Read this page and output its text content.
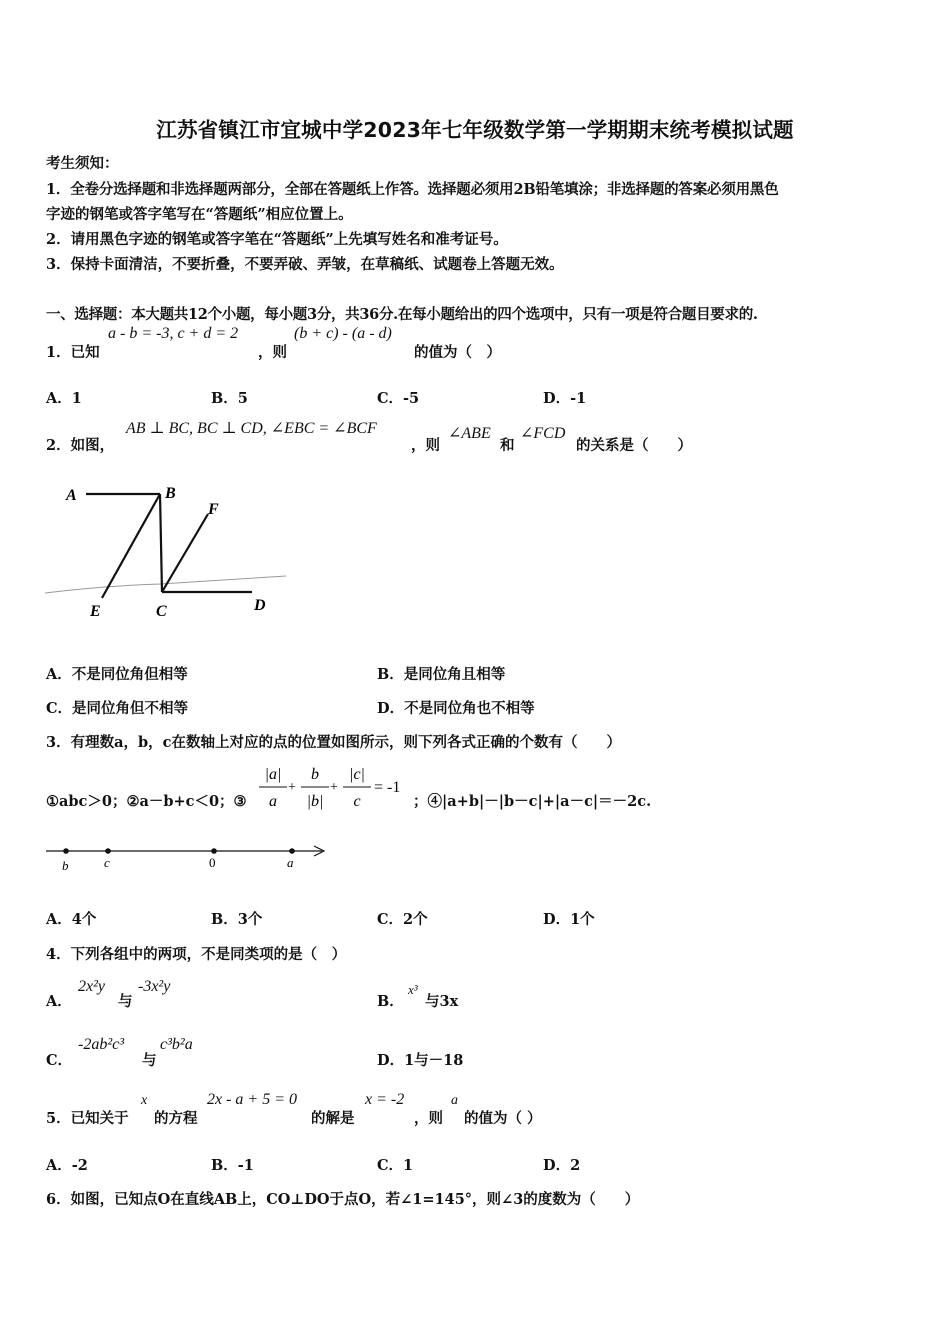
江苏省镇江市宜城中学2023年七年级数学第一学期期末统考模拟试题
考生须知：
1．全卷分选择题和非选择题两部分，全部在答题纸上作答。选择题必须用2B铅笔填涂；非选择题的答案必须用黑色
字迹的钢笔或答字笔写在“答题纸”相应位置上。
2．请用黑色字迹的钢笔或答字笔在“答题纸”上先填写姓名和准考证号。
3．保持卡面清洁，不要折叠，不要弄破、弄皱，在草稿纸、试题卷上答题无效。
一、选择题：本大题共12个小题，每小题3分，共36分.在每小题给出的四个选项中，只有一项是符合题目要求的.
1．已知
a - b = -3, c + d = 2
，则
(b + c) - (a - d)
的值为（　）
A．1	B．5	C．-5	D．-1
2．如图，
AB ⊥ BC, BC ⊥ CD, ∠EBC = ∠BCF
，则
∠ABE
和
∠FCD
的关系是（　　）
A	B
F
E	C	D
A．不是同位角但相等	B．是同位角且相等
C．是同位角但不相等	D．不是同位角也不相等
3．有理数a，b，c在数轴上对应的点的位置如图所示，则下列各式正确的个数有（　　）
①abc＞0；②a－b+c＜0；③
|a|
a
+
b
|b|
+
|c|
c
= -1
；④|a+b|－|b－c|+|a－c|＝－2c.
b	c	0	a
A．4个	B．3个	C．2个	D．1个
4．下列各组中的两项，不是同类项的是（　）
A．
2x²y
与
-3x²y
B．
x³
与3x
C．
-2ab²c³
与
c³b²a
D．1与－18
5．已知关于
x
的方程
2x - a + 5 = 0
的解是
x = -2
，则
a
的值为（ ）
A．-2	B．-1	C．1	D．2
6．如图，已知点O在直线AB上，CO⊥DO于点O，若∠1=145°，则∠3的度数为（　　）
